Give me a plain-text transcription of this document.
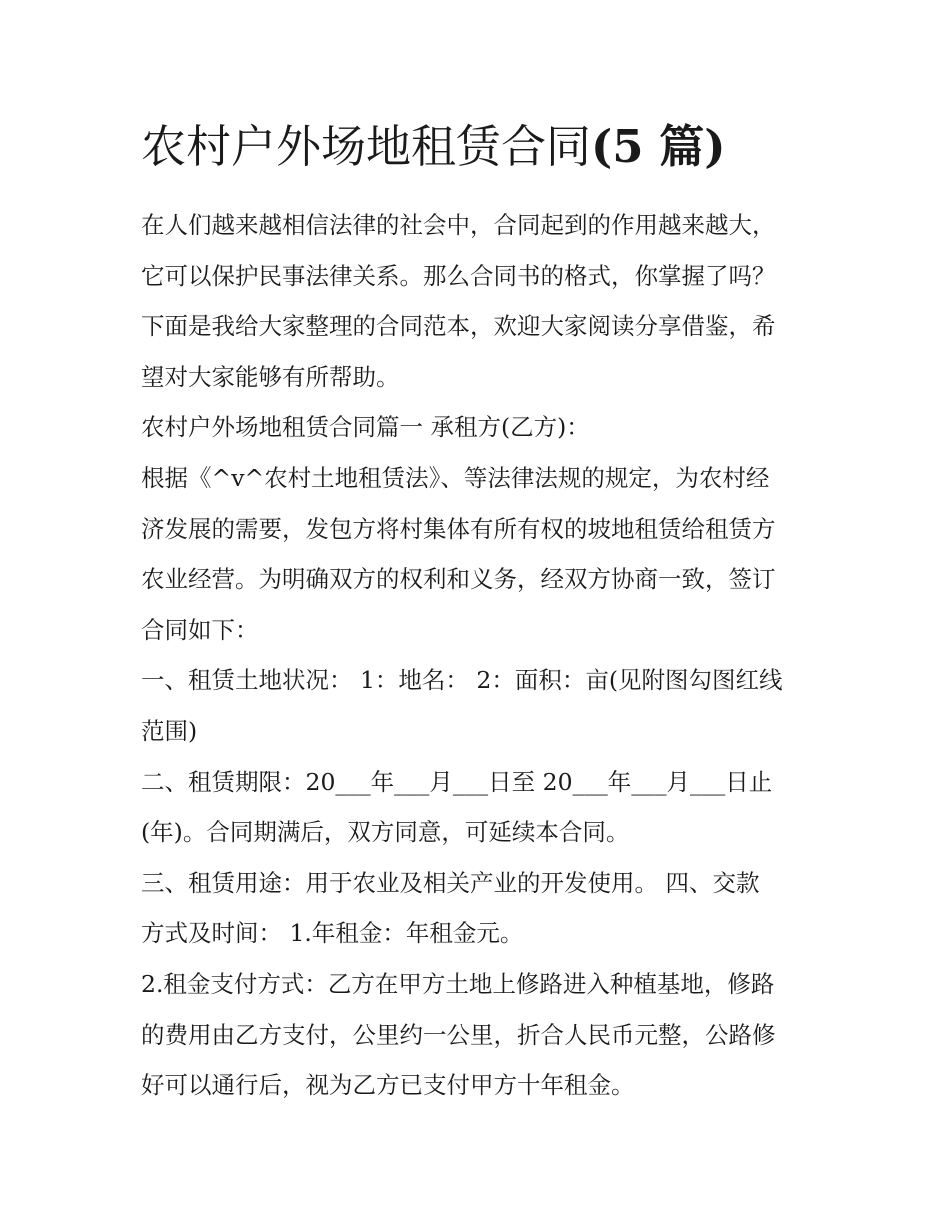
农村户外场地租赁合同(5 篇)
在人们越来越相信法律的社会中，合同起到的作用越来越大，
它可以保护民事法律关系。那么合同书的格式，你掌握了吗？
下面是我给大家整理的合同范本，欢迎大家阅读分享借鉴，希
望对大家能够有所帮助。
农村户外场地租赁合同篇一 承租方(乙方)：
根据《^v^农村土地租赁法》、等法律法规的规定，为农村经
济发展的需要，发包方将村集体有所有权的坡地租赁给租赁方
农业经营。为明确双方的权利和义务，经双方协商一致，签订
合同如下：
一、租赁土地状况： 1：地名： 2：面积：亩(见附图勾图红线
范围)
二、租赁期限：20___年___月___日至 20___年___月___日止
(年)。合同期满后，双方同意，可延续本合同。
三、租赁用途：用于农业及相关产业的开发使用。 四、交款
方式及时间： 1.年租金：年租金元。
2.租金支付方式：乙方在甲方土地上修路进入种植基地，修路
的费用由乙方支付，公里约一公里，折合人民币元整，公路修
好可以通行后，视为乙方已支付甲方十年租金。
